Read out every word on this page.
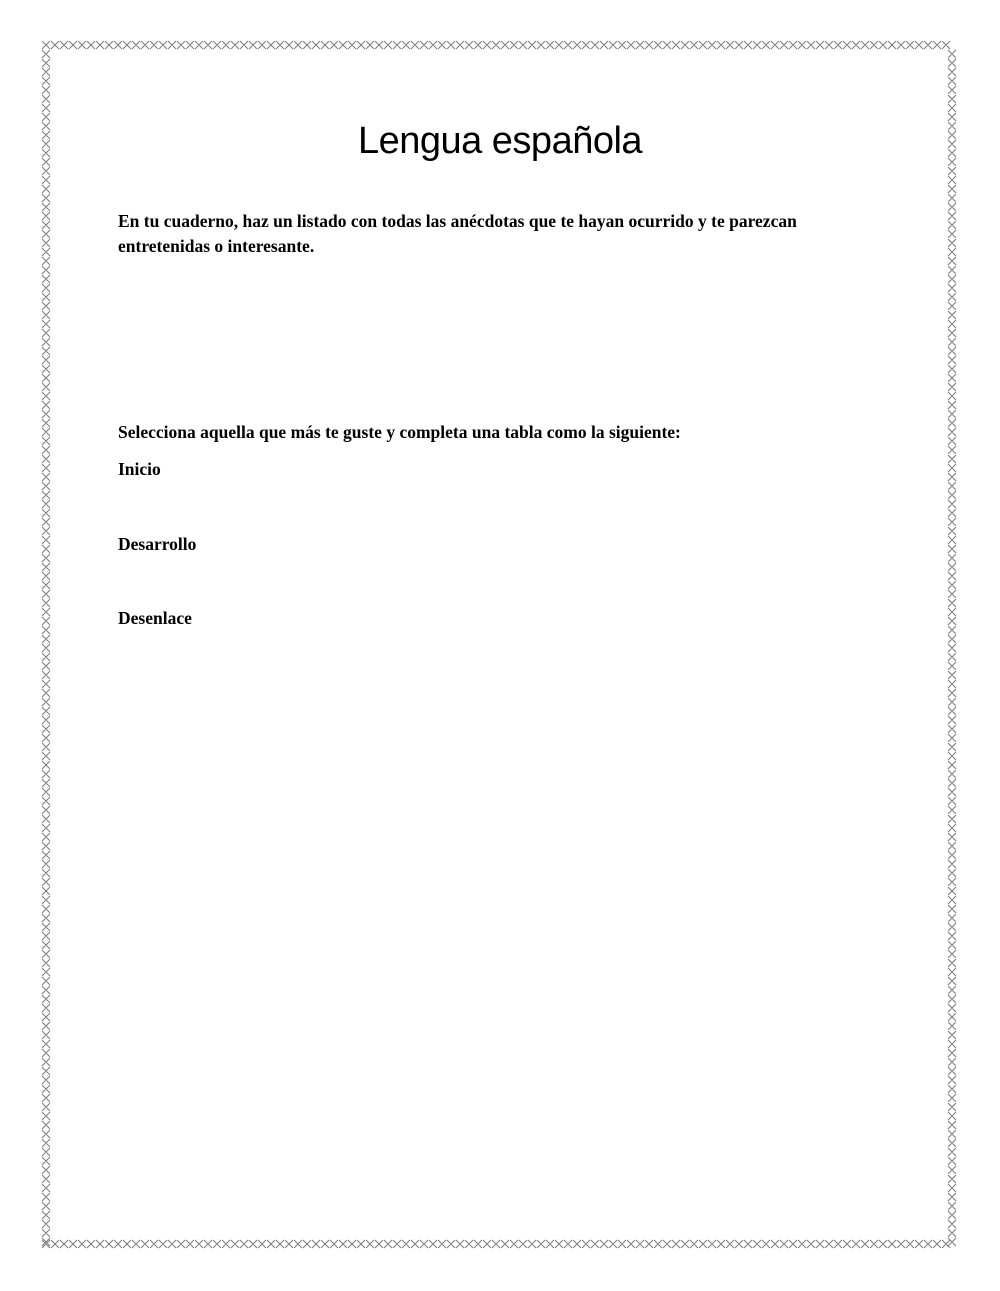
Lengua española

En tu cuaderno, haz un listado con todas las anécdotas que te hayan ocurrido y te parezcan entretenidas o interesante.

Selecciona aquella que más te guste y completa una tabla como la siguiente:

Inicio

Desarrollo

Desenlace
